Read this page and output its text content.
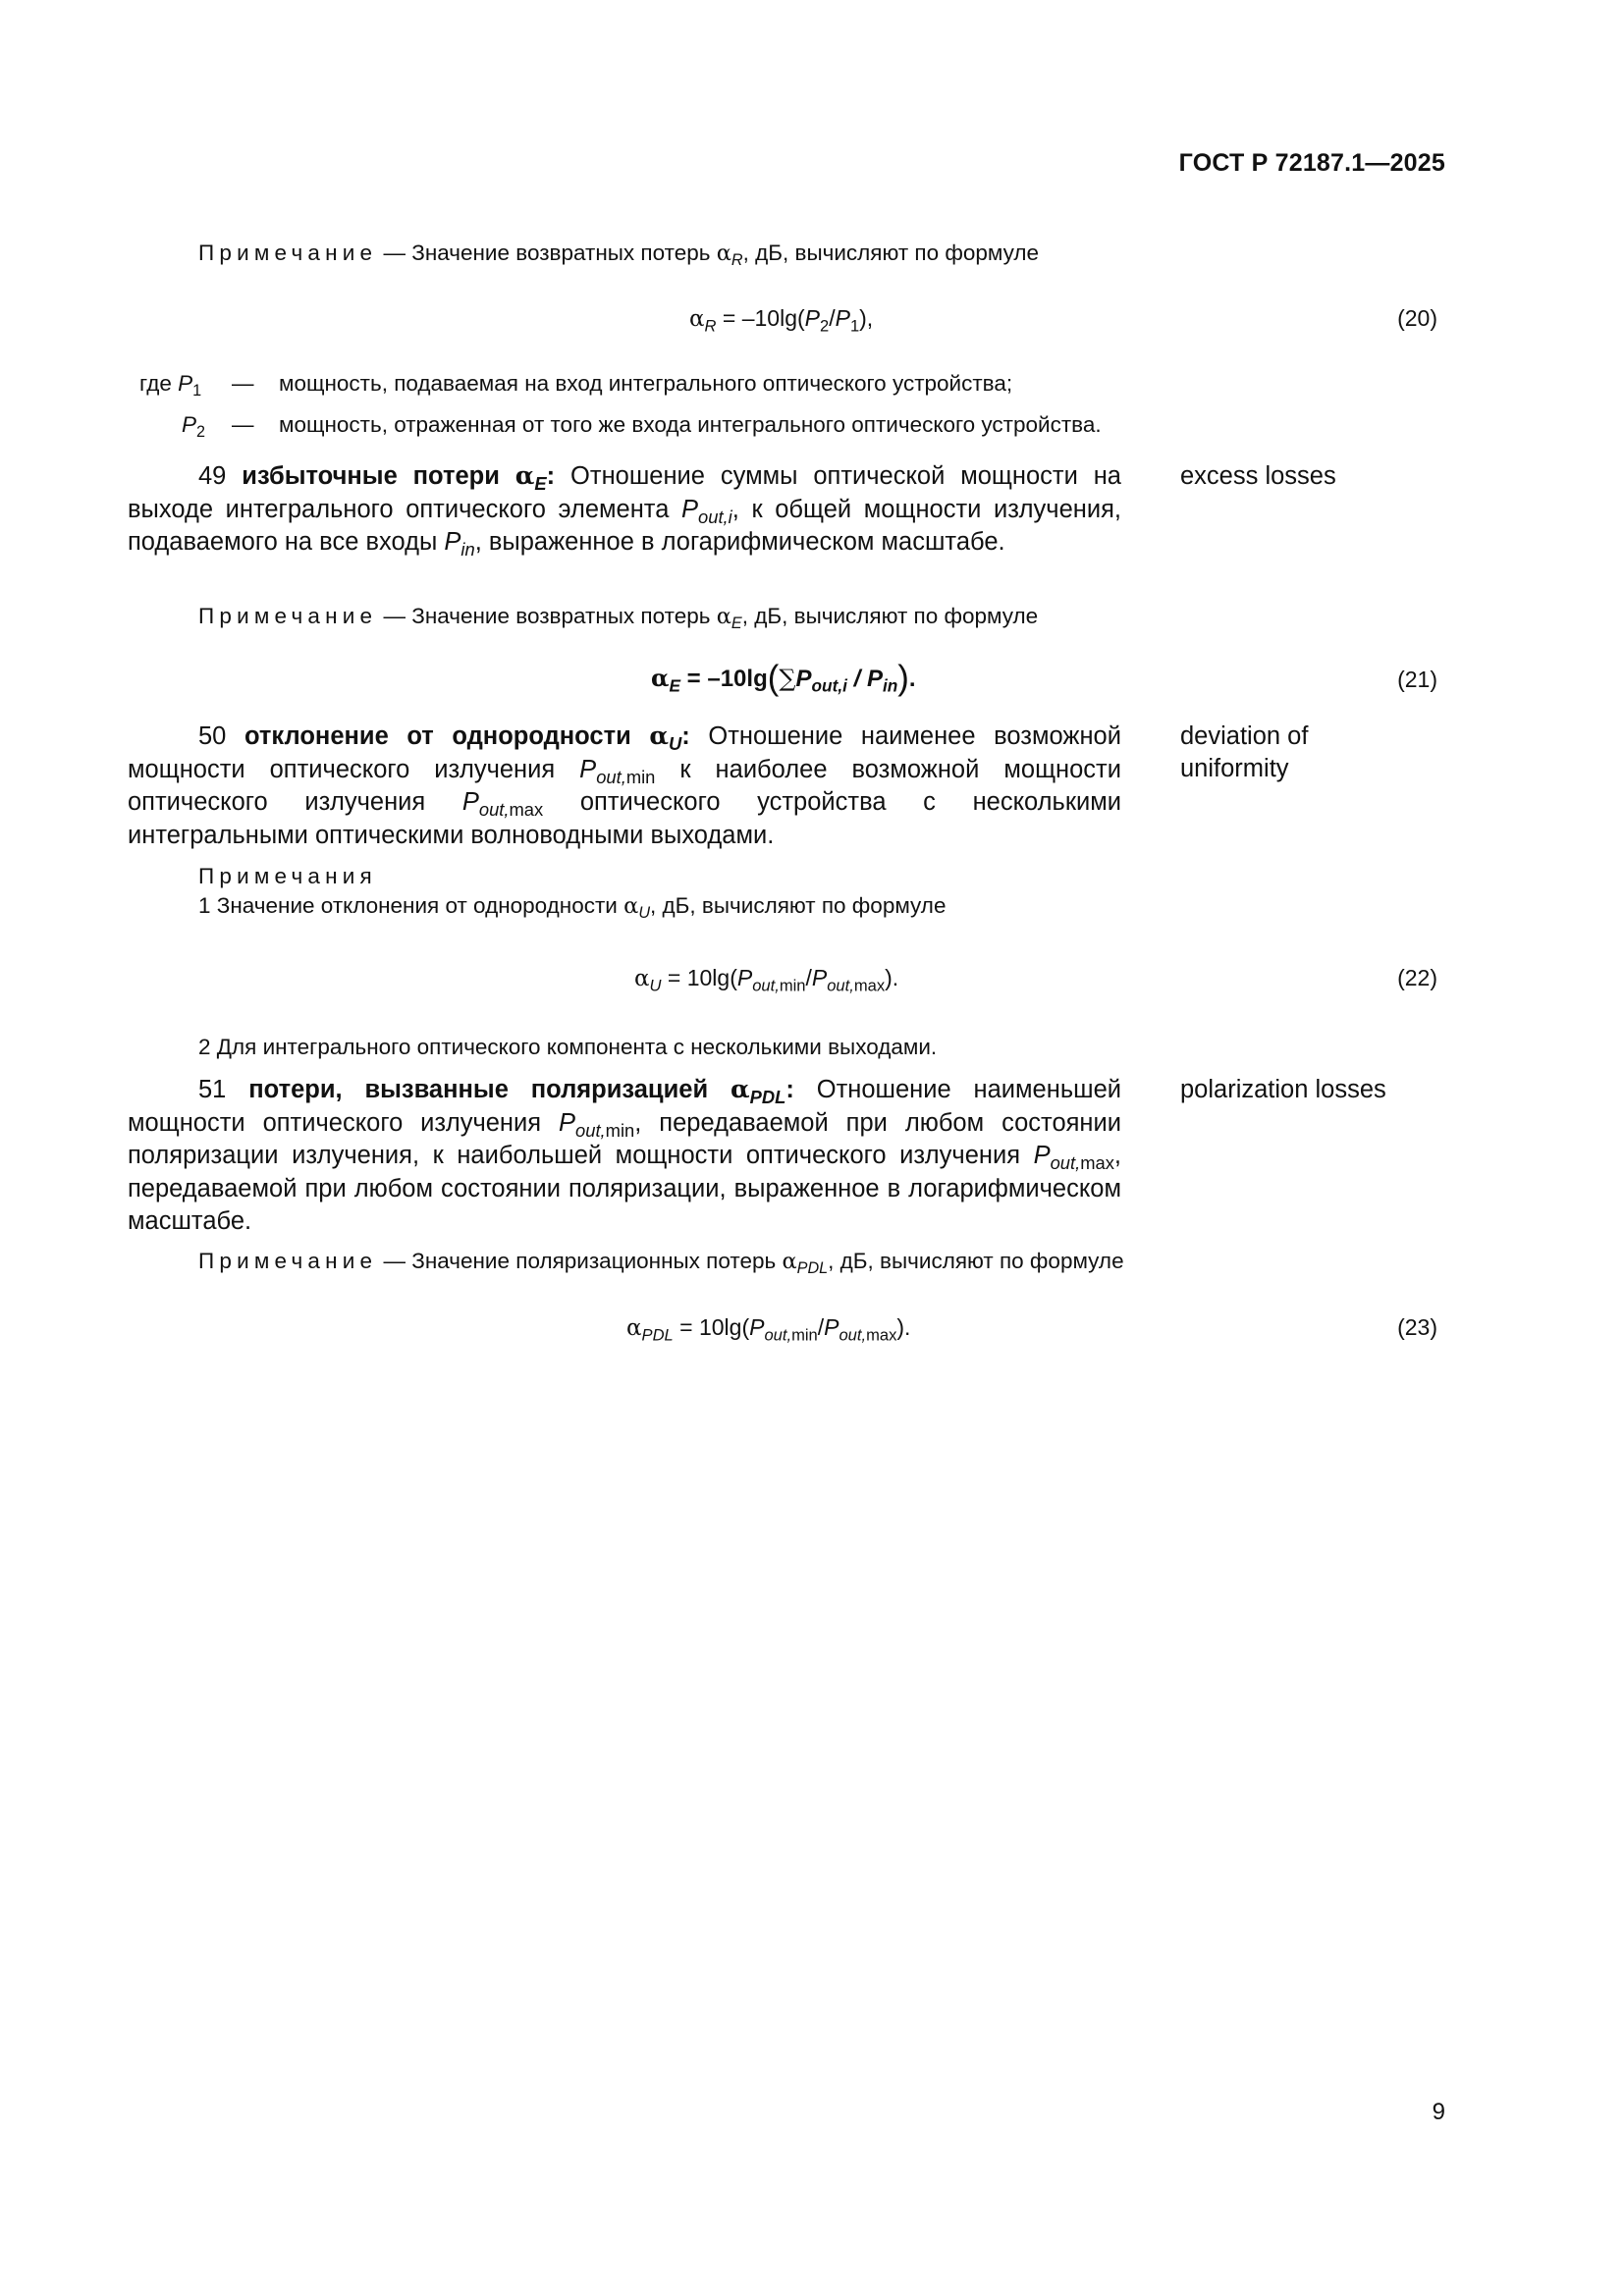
ГОСТ Р 72187.1—2025
Примечание — Значение возвратных потерь $\alpha_R$, дБ, вычисляют по формуле
$\alpha_R = -10\lg(P_2/P_1)$,	(20)
где $P_1$ — мощность, подаваемая на вход интегрального оптического устройства;
$P_2$ — мощность, отраженная от того же входа интегрального оптического устройства.
49 избыточные потери $\alpha_E$: Отношение суммы оптической мощности на выходе интегрального оптического элемента $P_{out,i}$, к общей мощности излучения, подаваемого на все входы $P_{in}$, выраженное в логарифмическом масштабе.
excess losses
Примечание — Значение возвратных потерь $\alpha_E$, дБ, вычисляют по формуле
$\alpha_E = -10\lg(\sum P_{out,i} / P_{in})$.	(21)
50 отклонение от однородности $\alpha_U$: Отношение наименее возможной мощности оптического излучения $P_{out,min}$ к наиболее возможной мощности оптического излучения $P_{out,max}$ оптического устройства с несколькими интегральными оптическими волноводными выходами.
deviation of
uniformity
Примечания
1 Значение отклонения от однородности $\alpha_U$, дБ, вычисляют по формуле
$\alpha_U = 10\lg(P_{out,min}/P_{out,max})$.	(22)
2 Для интегрального оптического компонента с несколькими выходами.
51 потери, вызванные поляризацией $\alpha_{PDL}$: Отношение наименьшей мощности оптического излучения $P_{out,min}$, передаваемой при любом состоянии поляризации излучения, к наибольшей мощности оптического излучения $P_{out,max}$, передаваемой при любом состоянии поляризации, выраженное в логарифмическом масштабе.
polarization losses
Примечание — Значение поляризационных потерь $\alpha_{PDL}$, дБ, вычисляют по формуле
$\alpha_{PDL} = 10\lg(P_{out,min}/P_{out,max})$.	(23)
9
